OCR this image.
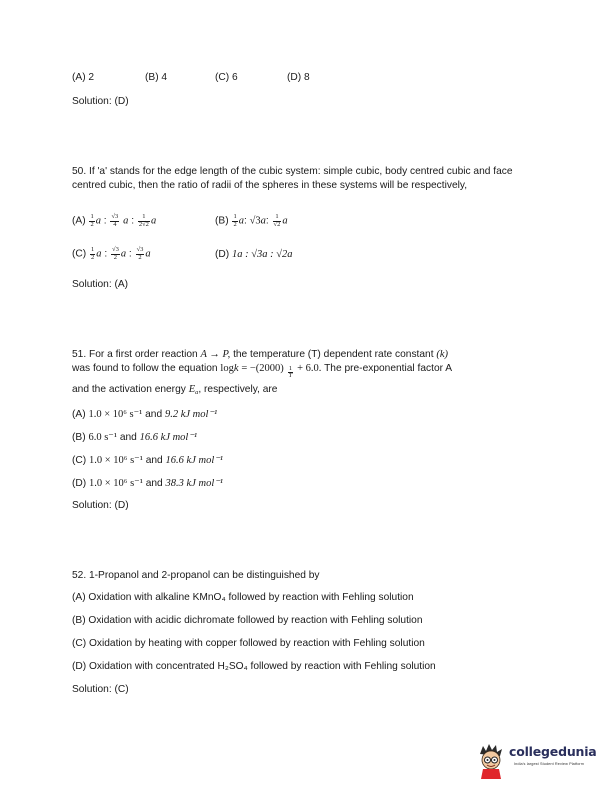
(A) 2	(B) 4	(C) 6	(D) 8
Solution: (D)
50. If 'a' stands for the edge length of the cubic system: simple cubic, body centred cubic and face centred cubic, then the ratio of radii of the spheres in these systems will be respectively,
$(A) \frac{1}{2}$ a : $\frac{√3}{4}$ a : $\frac{1}{2√2}$ a	$(B) \frac{1}{2} a$: √3a: $\frac{1}{√2}$ a
$(C) \frac{1}{2}$ a : $\frac{√3}{2}$ a : $\frac{√3}{2}$ a	(D) 1a : √3a : √2a
Solution: (A)
51. For a first order reaction A → P, the temperature (T) dependent rate constant (k)
was found to follow the equation $\log k = -(2000) \frac{1}{T} + 6.0$. The pre-exponential factor A
and the activation energy $E_a$, respectively, are
(A) 1.0 × 10⁶ s⁻¹ and 9.2 kJ mol⁻¹
(B) 6.0 s⁻¹ and 16.6 kJ mol⁻¹
(C) 1.0 × 10⁶ s⁻¹ and 16.6 kJ mol⁻¹
(D) 1.0 × 10⁶ s⁻¹ and 38.3 kJ mol⁻¹
Solution: (D)
52. 1-Propanol and 2-propanol can be distinguished by
(A) Oxidation with alkaline KMnO₄ followed by reaction with Fehling solution
(B) Oxidation with acidic dichromate followed by reaction with Fehling solution
(C) Oxidation by heating with copper followed by reaction with Fehling solution
(D) Oxidation with concentrated H₂SO₄ followed by reaction with Fehling solution
Solution: (C)
collegedunia
India's largest Student Review Platform
